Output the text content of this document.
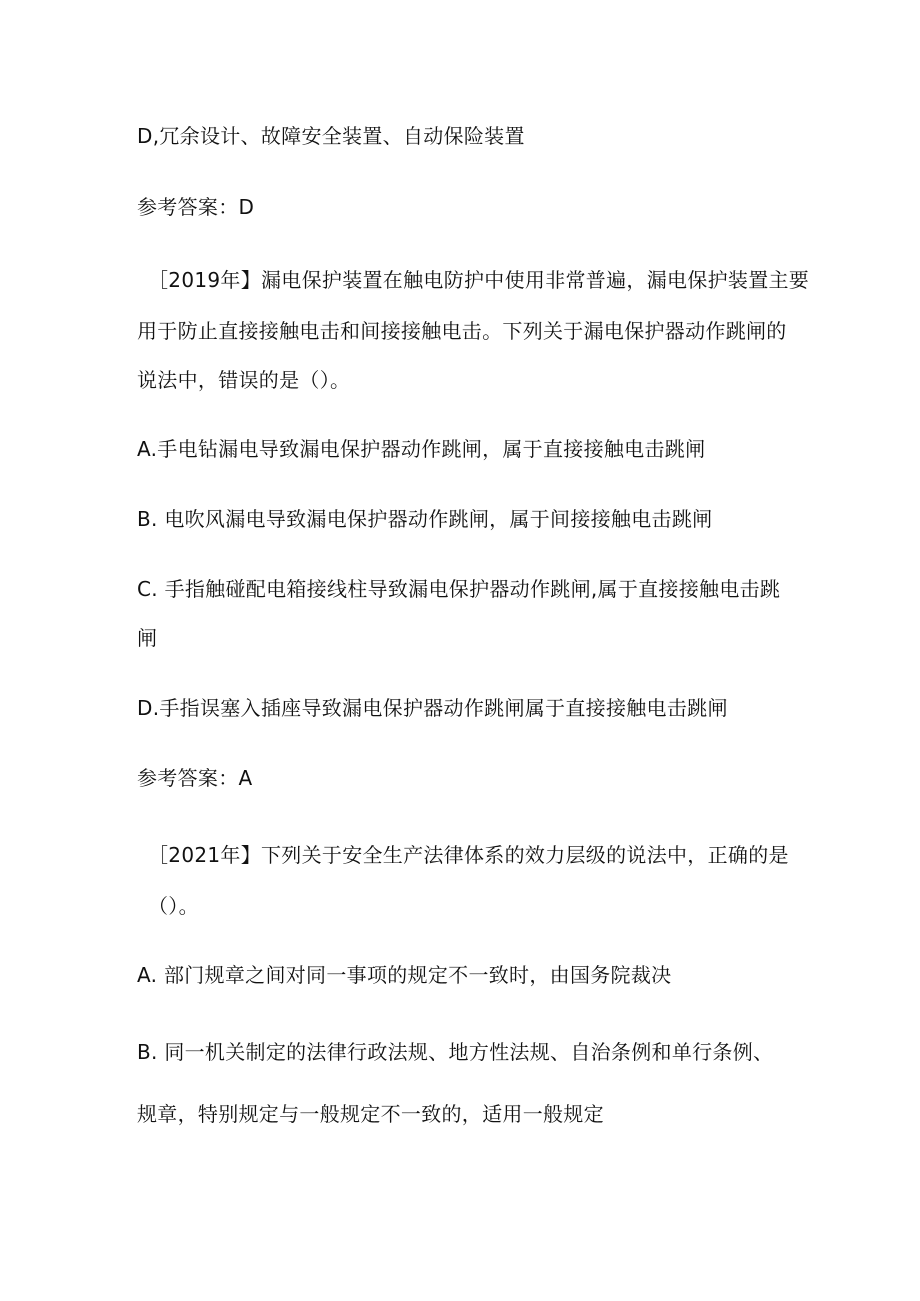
D,冗余设计、故障安全装置、自动保险装置
参考答案：D
［2019年】漏电保护装置在触电防护中使用非常普遍，漏电保护装置主要
用于防止直接接触电击和间接接触电击。下列关于漏电保护器动作跳闸的
说法中，错误的是（）。
A.手电钻漏电导致漏电保护器动作跳闸，属于直接接触电击跳闸
B. 电吹风漏电导致漏电保护器动作跳闸，属于间接接触电击跳闸
C. 手指触碰配电箱接线柱导致漏电保护器动作跳闸,属于直接接触电击跳
闸
D.手指误塞入插座导致漏电保护器动作跳闸属于直接接触电击跳闸
参考答案：A
［2021年】下列关于安全生产法律体系的效力层级的说法中，正确的是
（）。
A. 部门规章之间对同一事项的规定不一致时，由国务院裁决
B. 同一机关制定的法律行政法规、地方性法规、自治条例和单行条例、
规章，特别规定与一般规定不一致的，适用一般规定
